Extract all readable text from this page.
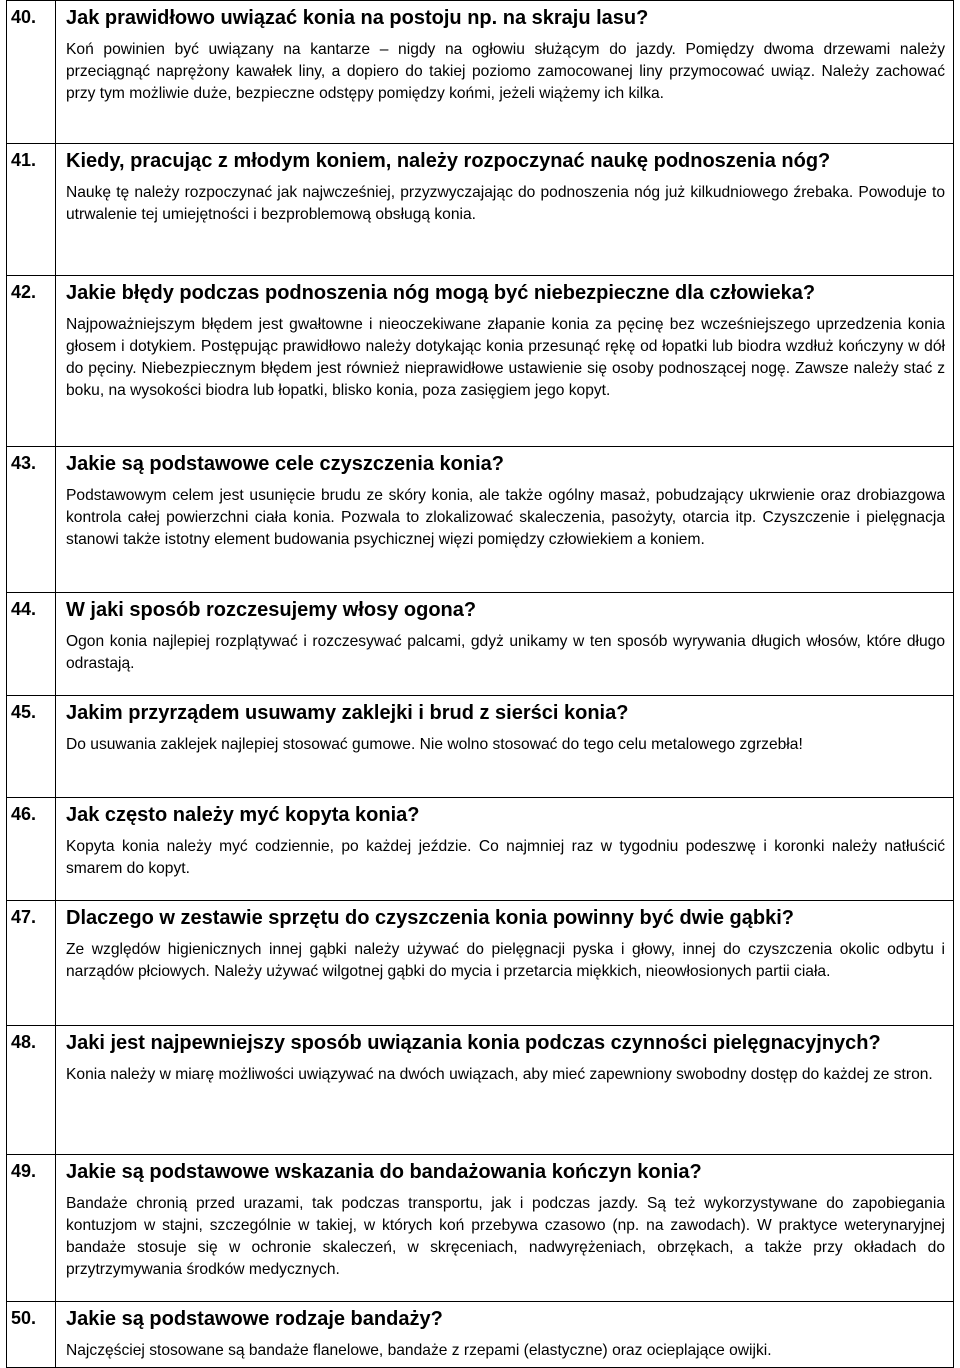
40.	Jak prawidłowo uwiązać konia na postoju np. na skraju lasu?

Koń powinien być uwiązany na kantarze – nigdy na ogłowiu służącym do jazdy. Pomiędzy dwoma drzewami należy przeciągnąć naprężony kawałek liny, a dopiero do takiej poziomo zamocowanej liny przymocować uwiąz. Należy zachować przy tym możliwie duże, bezpieczne odstępy pomiędzy końmi, jeżeli wiążemy ich kilka.

41.	Kiedy, pracując z młodym koniem, należy rozpoczynać naukę podnoszenia nóg?

Naukę tę należy rozpoczynać jak najwcześniej, przyzwyczajając do podnoszenia nóg już kilkudniowego źrebaka. Powoduje to utrwalenie tej umiejętności i bezproblemową obsługą konia.

42.	Jakie błędy podczas podnoszenia nóg mogą być niebezpieczne dla człowieka?

Najpoważniejszym błędem jest gwałtowne i nieoczekiwane złapanie konia za pęcinę bez wcześniejszego uprzedzenia konia głosem i dotykiem. Postępując prawidłowo należy dotykając konia przesunąć rękę od łopatki lub biodra wzdłuż kończyny w dół do pęciny. Niebezpiecznym błędem jest również nieprawidłowe ustawienie się osoby podnoszącej nogę. Zawsze należy stać z boku, na wysokości biodra lub łopatki, blisko konia, poza zasięgiem jego kopyt.

43.	Jakie są podstawowe cele czyszczenia konia?

Podstawowym celem jest usunięcie brudu ze skóry konia, ale także ogólny masaż, pobudzający ukrwienie oraz drobiazgowa kontrola całej powierzchni ciała konia. Pozwala to zlokalizować skaleczenia, pasożyty, otarcia itp. Czyszczenie i pielęgnacja stanowi także istotny element budowania psychicznej więzi pomiędzy człowiekiem a koniem.

44.	W jaki sposób rozczesujemy włosy ogona?

Ogon konia najlepiej rozplątywać i rozczesywać palcami, gdyż unikamy w ten sposób wyrywania długich włosów, które długo odrastają.

45.	Jakim przyrządem usuwamy zaklejki i brud z sierści konia?

Do usuwania zaklejek najlepiej stosować gumowe. Nie wolno stosować do tego celu metalowego zgrzebła!

46.	Jak często należy myć kopyta konia?

Kopyta konia należy myć codziennie, po każdej jeździe. Co najmniej raz w tygodniu podeszwę i koronki należy natłuścić smarem do kopyt.

47.	Dlaczego w zestawie sprzętu do czyszczenia konia powinny być dwie gąbki?

Ze względów higienicznych innej gąbki należy używać do pielęgnacji pyska i głowy, innej do czyszczenia okolic odbytu i narządów płciowych. Należy używać wilgotnej gąbki do mycia i przetarcia miękkich, nieowłosionych partii ciała.

48.	Jaki jest najpewniejszy sposób uwiązania konia podczas czynności pielęgnacyjnych?

Konia należy w miarę możliwości uwiązywać na dwóch uwiązach, aby mieć zapewniony swobodny dostęp do każdej ze stron.

49.	Jakie są podstawowe wskazania do bandażowania kończyn konia?

Bandaże chronią przed urazami, tak podczas transportu, jak i podczas jazdy. Są też wykorzystywane do zapobiegania kontuzjom w stajni, szczególnie w takiej, w których koń przebywa czasowo (np. na zawodach). W praktyce weterynaryjnej bandaże stosuje się w ochronie skaleczeń, w skręceniach, nadwyrężeniach, obrzękach, a także przy okładach do przytrzymywania środków medycznych.

50.	Jakie są podstawowe rodzaje bandaży?

Najczęściej stosowane są bandaże flanelowe, bandaże z rzepami (elastyczne) oraz ocieplające owijki.
